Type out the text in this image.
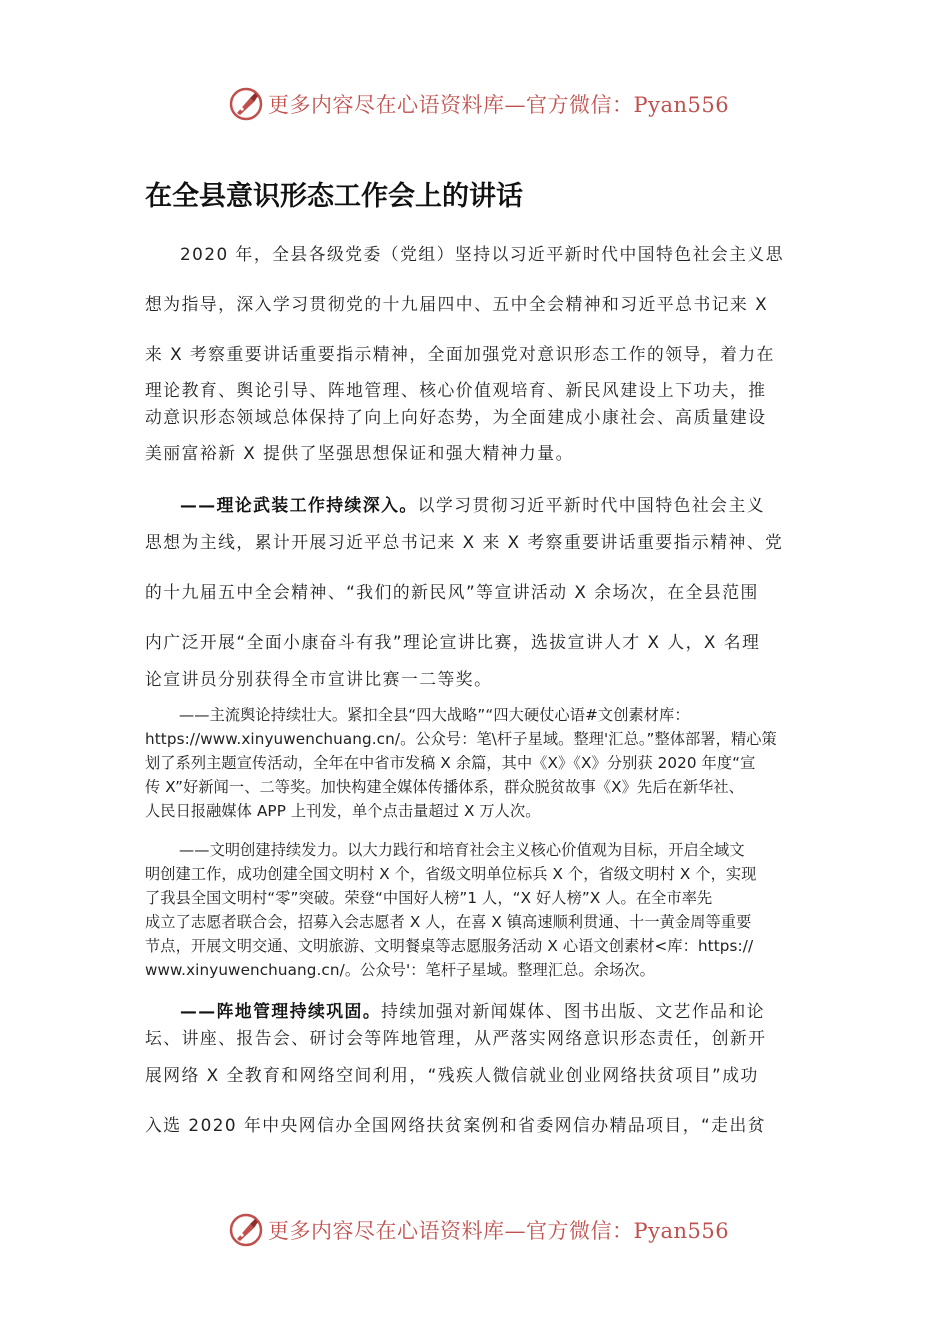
更多内容尽在心语资料库—官方微信：Pyan556
在全县意识形态工作会上的讲话
2020 年，全县各级党委（党组）坚持以习近平新时代中国特色社会主义思
想为指导，深入学习贯彻党的十九届四中、五中全会精神和习近平总书记来 X
来 X 考察重要讲话重要指示精神，全面加强党对意识形态工作的领导，着力在
理论教育、舆论引导、阵地管理、核心价值观培育、新民风建设上下功夫，推
动意识形态领域总体保持了向上向好态势，为全面建成小康社会、高质量建设
美丽富裕新 X 提供了坚强思想保证和强大精神力量。
——理论武装工作持续深入。以学习贯彻习近平新时代中国特色社会主义
思想为主线，累计开展习近平总书记来 X 来 X 考察重要讲话重要指示精神、党
的十九届五中全会精神、“我们的新民风”等宣讲活动 X 余场次，在全县范围
内广泛开展“全面小康奋斗有我”理论宣讲比赛，选拔宣讲人才 X 人，X 名理
论宣讲员分别获得全市宣讲比赛一二等奖。
——主流舆论持续壮大。紧扣全县“四大战略”“四大硬仗心语#文创素材库：
https://www.xinyuwenchuang.cn/。公众号：笔\杆子星域。整理'汇总。”整体部署，精心策
划了系列主题宣传活动，全年在中省市发稿 X 余篇，其中《X》《X》分别获 2020 年度“宣
传 X”好新闻一、二等奖。加快构建全媒体传播体系，群众脱贫故事《X》先后在新华社、
人民日报融媒体 APP 上刊发，单个点击量超过 X 万人次。
——文明创建持续发力。以大力践行和培育社会主义核心价值观为目标，开启全域文
明创建工作，成功创建全国文明村 X 个，省级文明单位标兵 X 个，省级文明村 X 个，实现
了我县全国文明村“零”突破。荣登“中国好人榜”1 人，“X 好人榜”X 人。在全市率先
成立了志愿者联合会，招募入会志愿者 X 人，在喜 X 镇高速顺利贯通、十一黄金周等重要
节点，开展文明交通、文明旅游、文明餐桌等志愿服务活动 X 心语文创素材<库：https://
www.xinyuwenchuang.cn/。公众号'：笔杆子星域。整理汇总。余场次。
——阵地管理持续巩固。持续加强对新闻媒体、图书出版、文艺作品和论
坛、讲座、报告会、研讨会等阵地管理，从严落实网络意识形态责任，创新开
展网络 X 全教育和网络空间利用，“残疾人微信就业创业网络扶贫项目”成功
入选 2020 年中央网信办全国网络扶贫案例和省委网信办精品项目，“走出贫
更多内容尽在心语资料库—官方微信：Pyan556
